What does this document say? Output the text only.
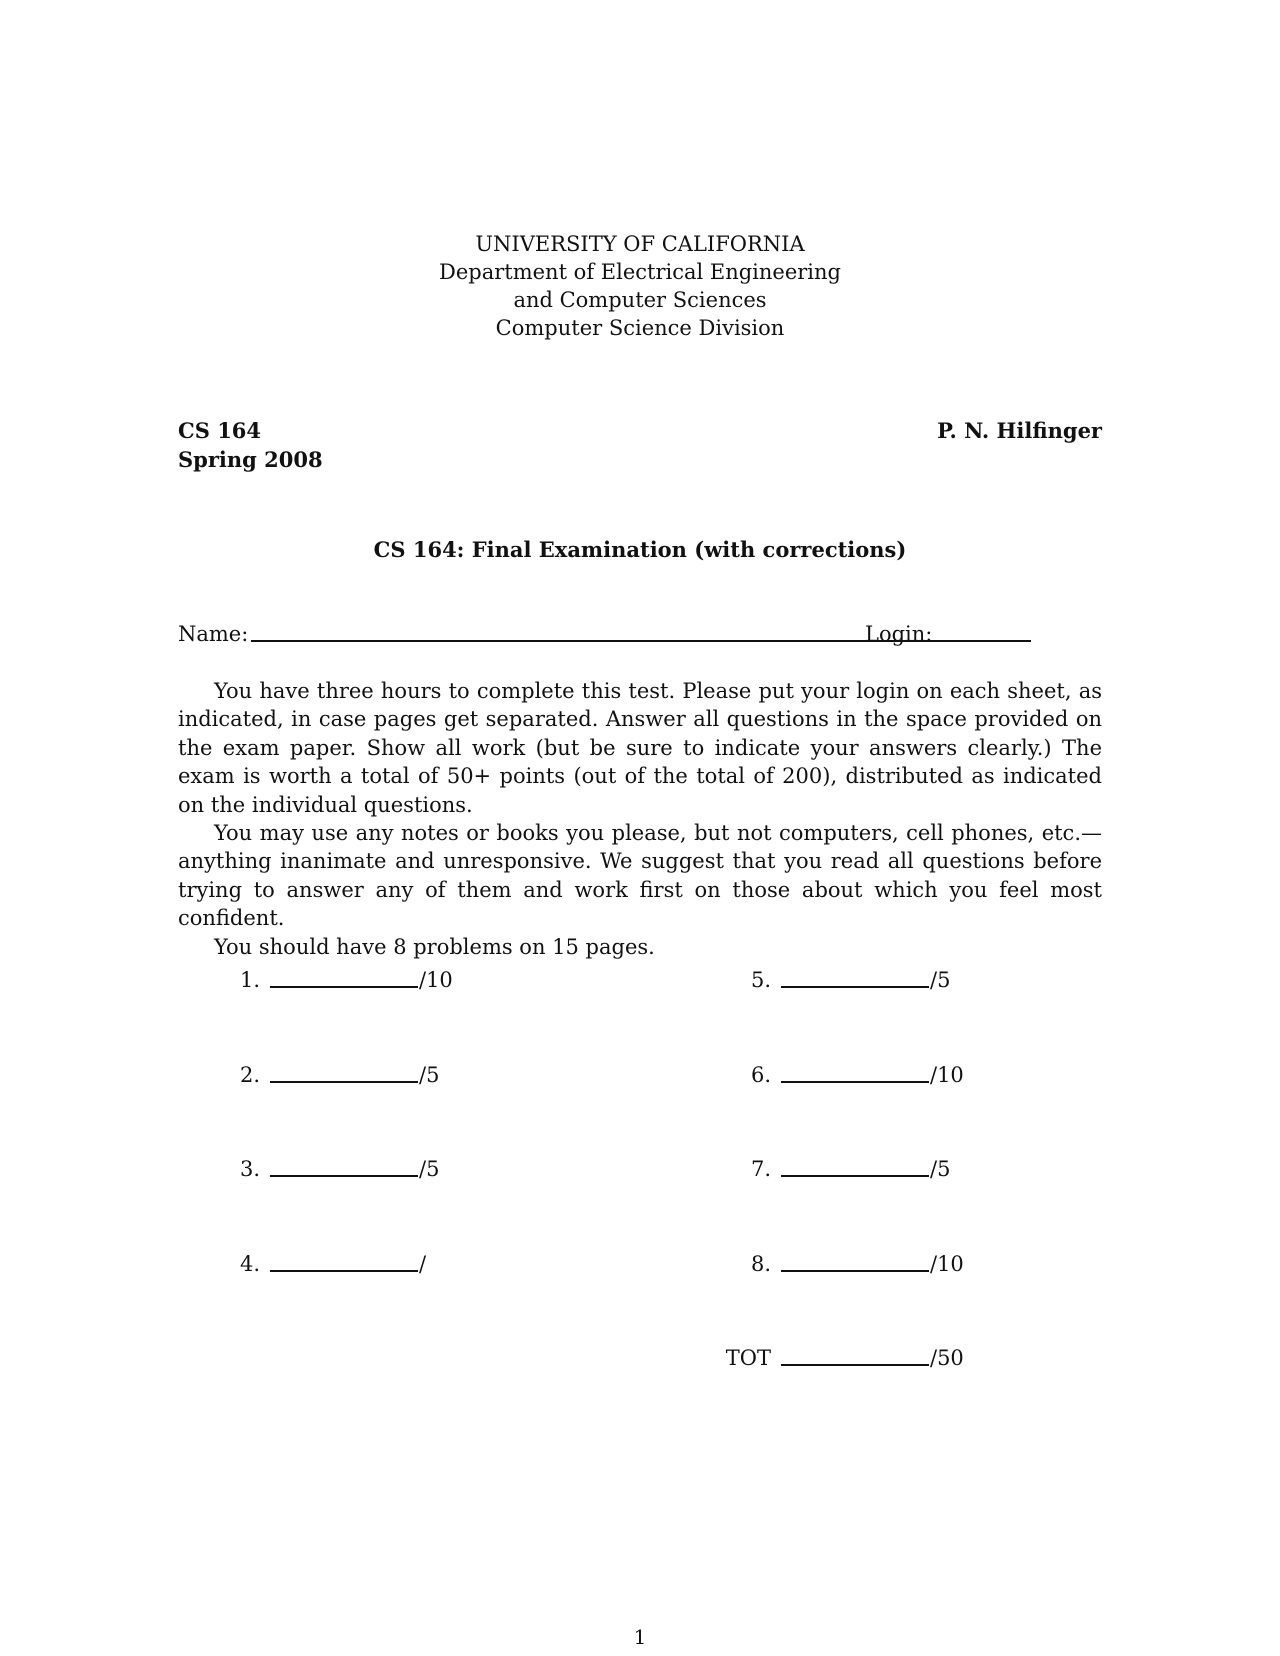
UNIVERSITY OF CALIFORNIA
Department of Electrical Engineering
and Computer Sciences
Computer Science Division
CS 164
Spring 2008
P. N. Hilfinger
CS 164: Final Examination (with corrections)
Name:	Login:

You have three hours to complete this test. Please put your login on each sheet, as indicated, in case pages get separated. Answer all questions in the space provided on the exam paper. Show all work (but be sure to indicate your answers clearly.) The exam is worth a total of 50+ points (out of the total of 200), distributed as indicated on the individual questions.

You may use any notes or books you please, but not computers, cell phones, etc.—anything inanimate and unresponsive. We suggest that you read all questions before trying to answer any of them and work first on those about which you feel most confident.

You should have 8 problems on 15 pages.

1.	/10
2.	/5
3.	/5
4.	/
5.	/5
6.	/10
7.	/5
8.	/10
TOT	/50
1
